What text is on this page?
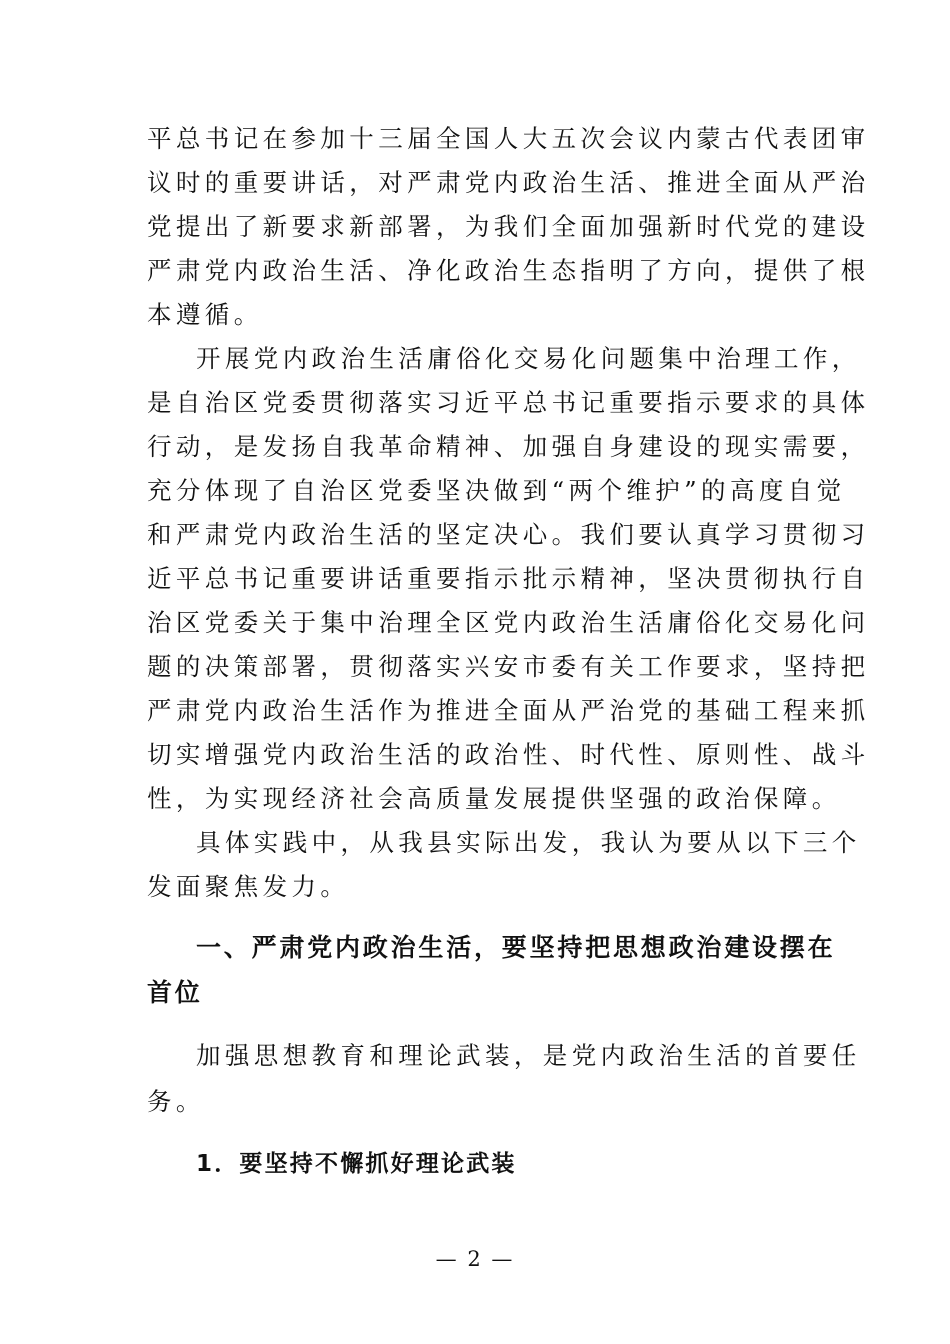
平总书记在参加十三届全国人大五次会议内蒙古代表团审
议时的重要讲话，对严肃党内政治生活、推进全面从严治
党提出了新要求新部署，为我们全面加强新时代党的建设
严肃党内政治生活、净化政治生态指明了方向，提供了根
本遵循。
开展党内政治生活庸俗化交易化问题集中治理工作，
是自治区党委贯彻落实习近平总书记重要指示要求的具体
行动，是发扬自我革命精神、加强自身建设的现实需要，
充分体现了自治区党委坚决做到“两个维护”的高度自觉
和严肃党内政治生活的坚定决心。我们要认真学习贯彻习
近平总书记重要讲话重要指示批示精神，坚决贯彻执行自
治区党委关于集中治理全区党内政治生活庸俗化交易化问
题的决策部署，贯彻落实兴安市委有关工作要求，坚持把
严肃党内政治生活作为推进全面从严治党的基础工程来抓
切实增强党内政治生活的政治性、时代性、原则性、战斗
性，为实现经济社会高质量发展提供坚强的政治保障。
具体实践中，从我县实际出发，我认为要从以下三个
发面聚焦发力。
一、严肃党内政治生活，要坚持把思想政治建设摆在
首位
加强思想教育和理论武装，是党内政治生活的首要任
务。
1．要坚持不懈抓好理论武装
— 2 —
